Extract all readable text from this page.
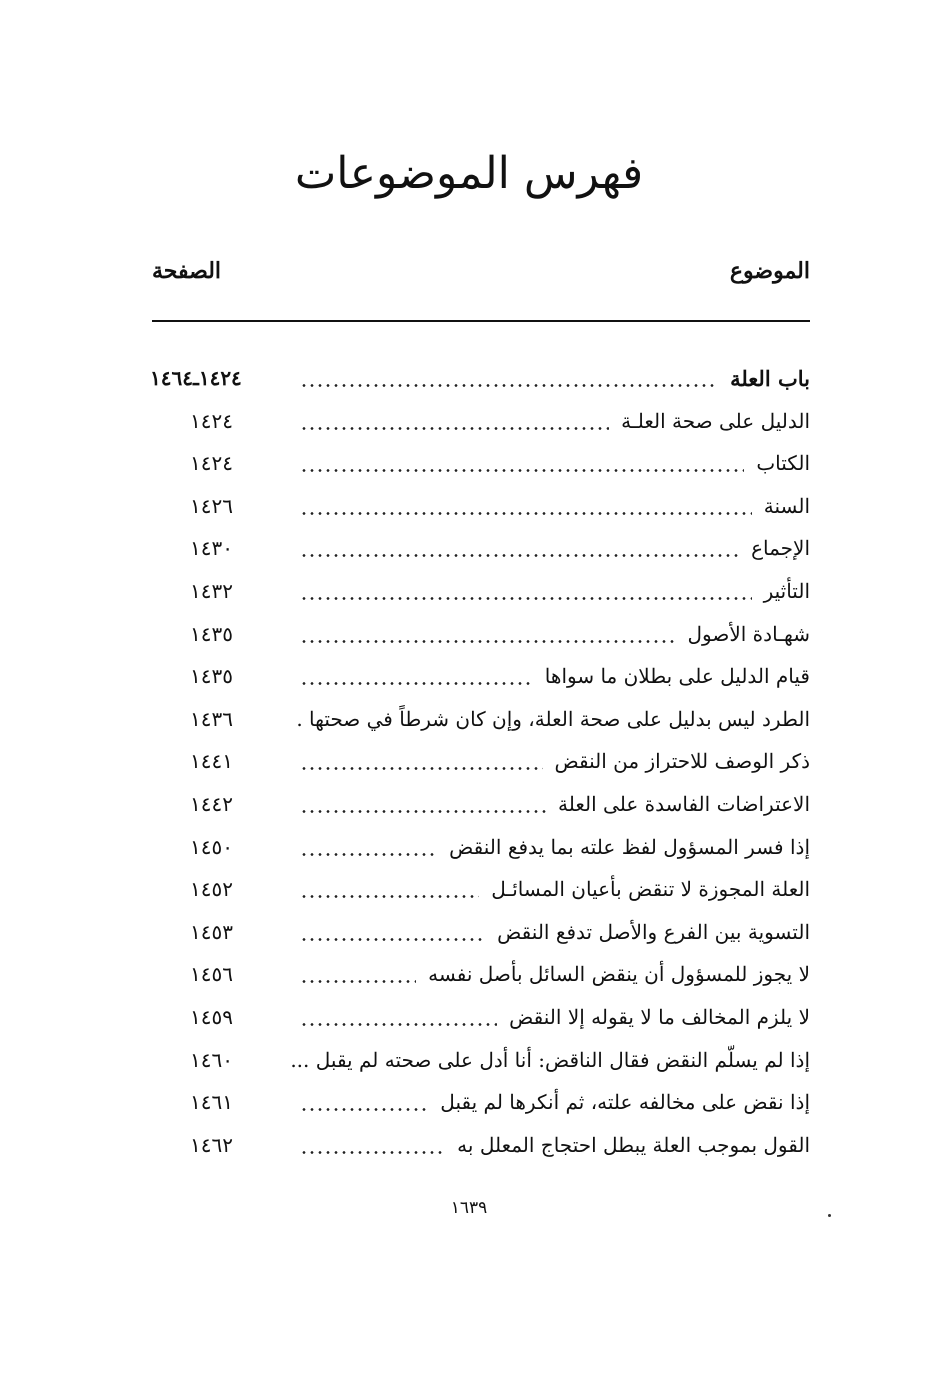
فهرس الموضوعات
الموضوع
الصفحة
باب العلة
١٤٢٤ـ١٤٦٤
الدليل على صحة العلـة
١٤٢٤
الكتاب
١٤٢٤
السنة
١٤٢٦
الإجماع
١٤٣٠
التأثير
١٤٣٢
شهـادة الأصول
١٤٣٥
قيام الدليل على بطلان ما سواها
١٤٣٥
الطرد ليس بدليل على صحة العلة، وإن كان شرطاً في صحتها .
١٤٣٦
ذكر الوصف للاحتراز من النقض
١٤٤١
الاعتراضات الفاسدة على العلة
١٤٤٢
إذا فسر المسؤول لفظ علته بما يدفع النقض
١٤٥٠
العلة المجوزة لا تنقض بأعيان المسائـل
١٤٥٢
التسوية بين الفرع والأصل تدفع النقض
١٤٥٣
لا يجوز للمسؤول أن ينقض السائل بأصل نفسه
١٤٥٦
لا يلزم المخالف ما لا يقوله إلا النقض
١٤٥٩
إذا لم يسلّم النقض فقال الناقض: أنا أدل على صحته لم يقبل ...
١٤٦٠
إذا نقض على مخالفه علته، ثم أنكرها لم يقبل
١٤٦١
القول بموجب العلة يبطل احتجاج المعلل به
١٤٦٢
١٦٣٩
